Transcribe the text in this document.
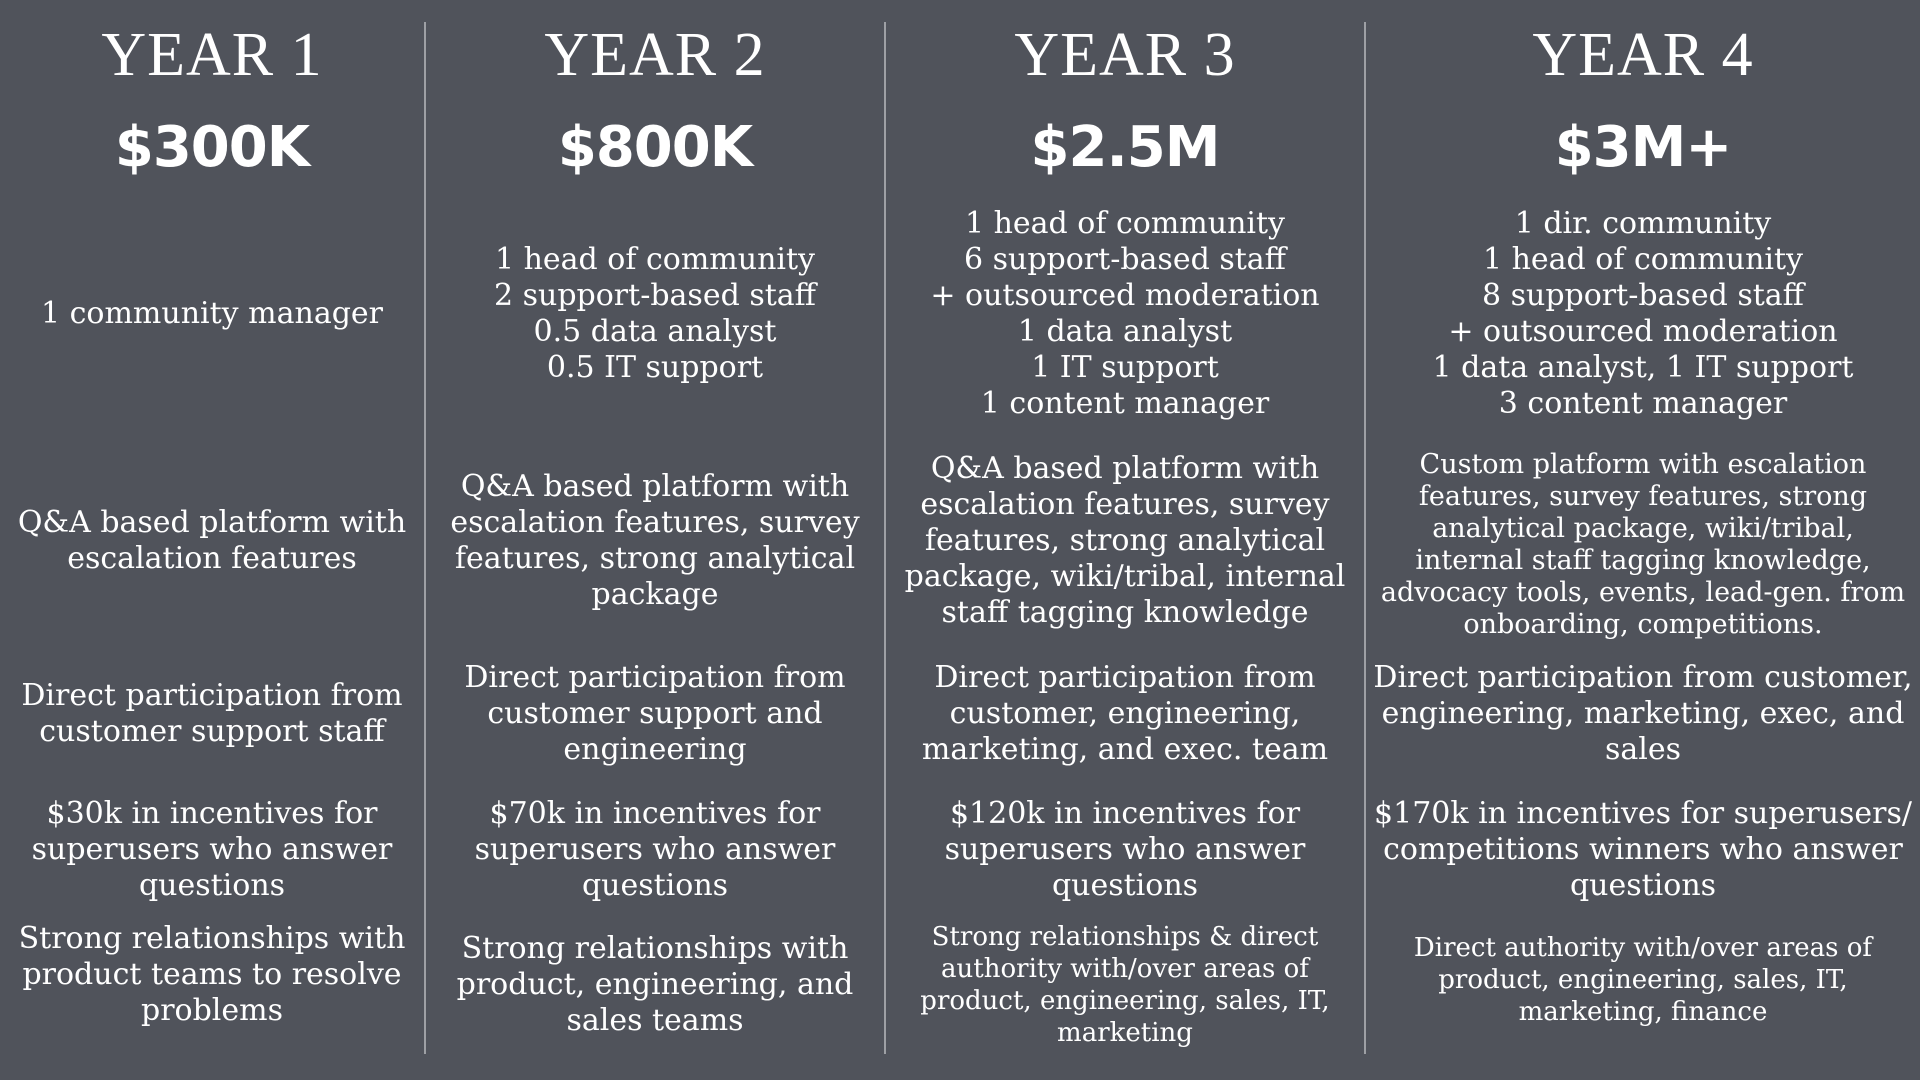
YEAR 1
$300K
1 community manager
Q&A based platform with
escalation features
Direct participation from
customer support staff
$30k in incentives for
superusers who answer
questions
Strong relationships with
product teams to resolve
problems
YEAR 2
$800K
1 head of community
2 support-based staff
0.5 data analyst
0.5 IT support
Q&A based platform with
escalation features, survey
features, strong analytical
package
Direct participation from
customer support and
engineering
$70k in incentives for
superusers who answer
questions
Strong relationships with
product, engineering, and
sales teams
YEAR 3
$2.5M
1 head of community
6 support-based staff
+ outsourced moderation
1 data analyst
1 IT support
1 content manager
Q&A based platform with
escalation features, survey
features, strong analytical
package, wiki/tribal, internal
staff tagging knowledge
Direct participation from
customer, engineering,
marketing, and exec. team
$120k in incentives for
superusers who answer
questions
Strong relationships & direct
authority with/over areas of
product, engineering, sales, IT,
marketing
YEAR 4
$3M+
1 dir. community
1 head of community
8 support-based staff
+ outsourced moderation
1 data analyst, 1 IT support
3 content manager
Custom platform with escalation
features, survey features, strong
analytical package, wiki/tribal,
internal staff tagging knowledge,
advocacy tools, events, lead-gen. from
onboarding, competitions.
Direct participation from customer,
engineering, marketing, exec, and
sales
$170k in incentives for superusers/
competitions winners who answer
questions
Direct authority with/over areas of
product, engineering, sales, IT,
marketing, finance
